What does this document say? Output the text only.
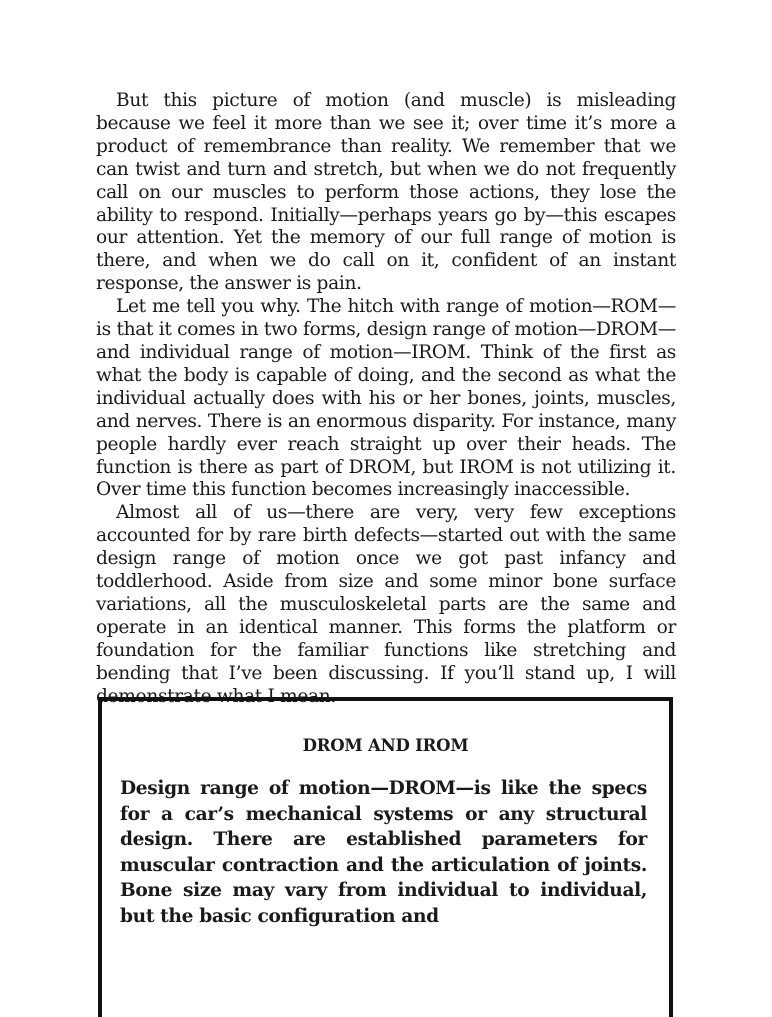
But this picture of motion (and muscle) is misleading because we feel it more than we see it; over time it’s more a product of remembrance than reality. We remember that we can twist and turn and stretch, but when we do not frequently call on our muscles to perform those actions, they lose the ability to respond. Initially—perhaps years go by—this escapes our attention. Yet the memory of our full range of motion is there, and when we do call on it, confident of an instant response, the answer is pain.

Let me tell you why. The hitch with range of motion—ROM—is that it comes in two forms, design range of motion—DROM—and individual range of motion—IROM. Think of the first as what the body is capable of doing, and the second as what the individual actually does with his or her bones, joints, muscles, and nerves. There is an enormous disparity. For instance, many people hardly ever reach straight up over their heads. The function is there as part of DROM, but IROM is not utilizing it. Over time this function becomes increasingly inaccessible.

Almost all of us—there are very, very few exceptions accounted for by rare birth defects—started out with the same design range of motion once we got past infancy and toddlerhood. Aside from size and some minor bone surface variations, all the musculoskeletal parts are the same and operate in an identical manner. This forms the platform or foundation for the familiar functions like stretching and bending that I’ve been discussing. If you’ll stand up, I will demonstrate what I mean.

DROM AND IROM

Design range of motion—DROM—is like the specs for a car’s mechanical systems or any structural design. There are established parameters for muscular contraction and the articulation of joints. Bone size may vary from individual to individual, but the basic configuration and
